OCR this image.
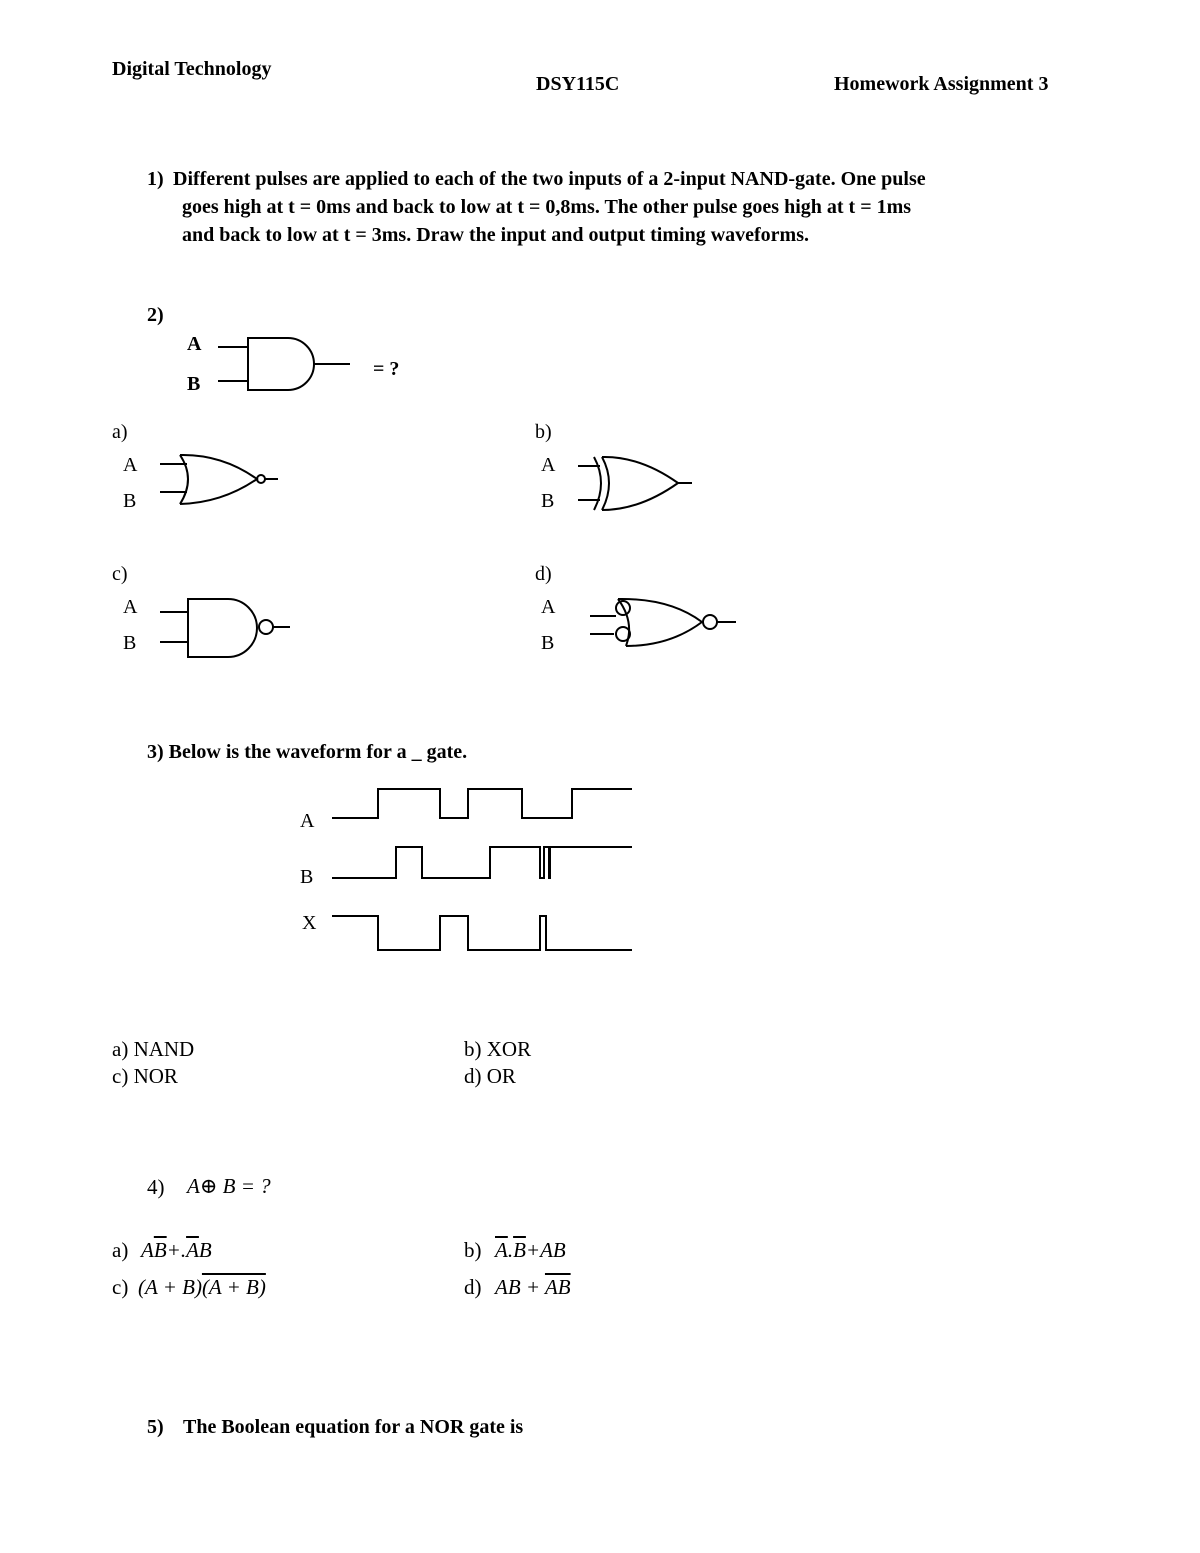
Digital Technology
DSY115C	Homework Assignment 3
1) Different pulses are applied to each of the two inputs of a 2-input NAND-gate. One pulse
goes high at t = 0ms and back to low at t = 0,8ms. The other pulse goes high at t = 1ms
and back to low at t = 3ms. Draw the input and output timing waveforms.
2)
A
B
= ?
a)
A
B
b)
A
B
c)
A
B
d)
A
B
3) Below is the waveform for a _ gate.
A
B
X
a) NAND	b) XOR
c) NOR	d) OR
4) A⊕ B = ?
a) $A\overline{B}+.\overline{A}B$	b) $\overline{A}.\overline{B}+AB$
c) (A + B)(A + B)	d) AB + $\overline{AB}$
5) The Boolean equation for a NOR gate is
